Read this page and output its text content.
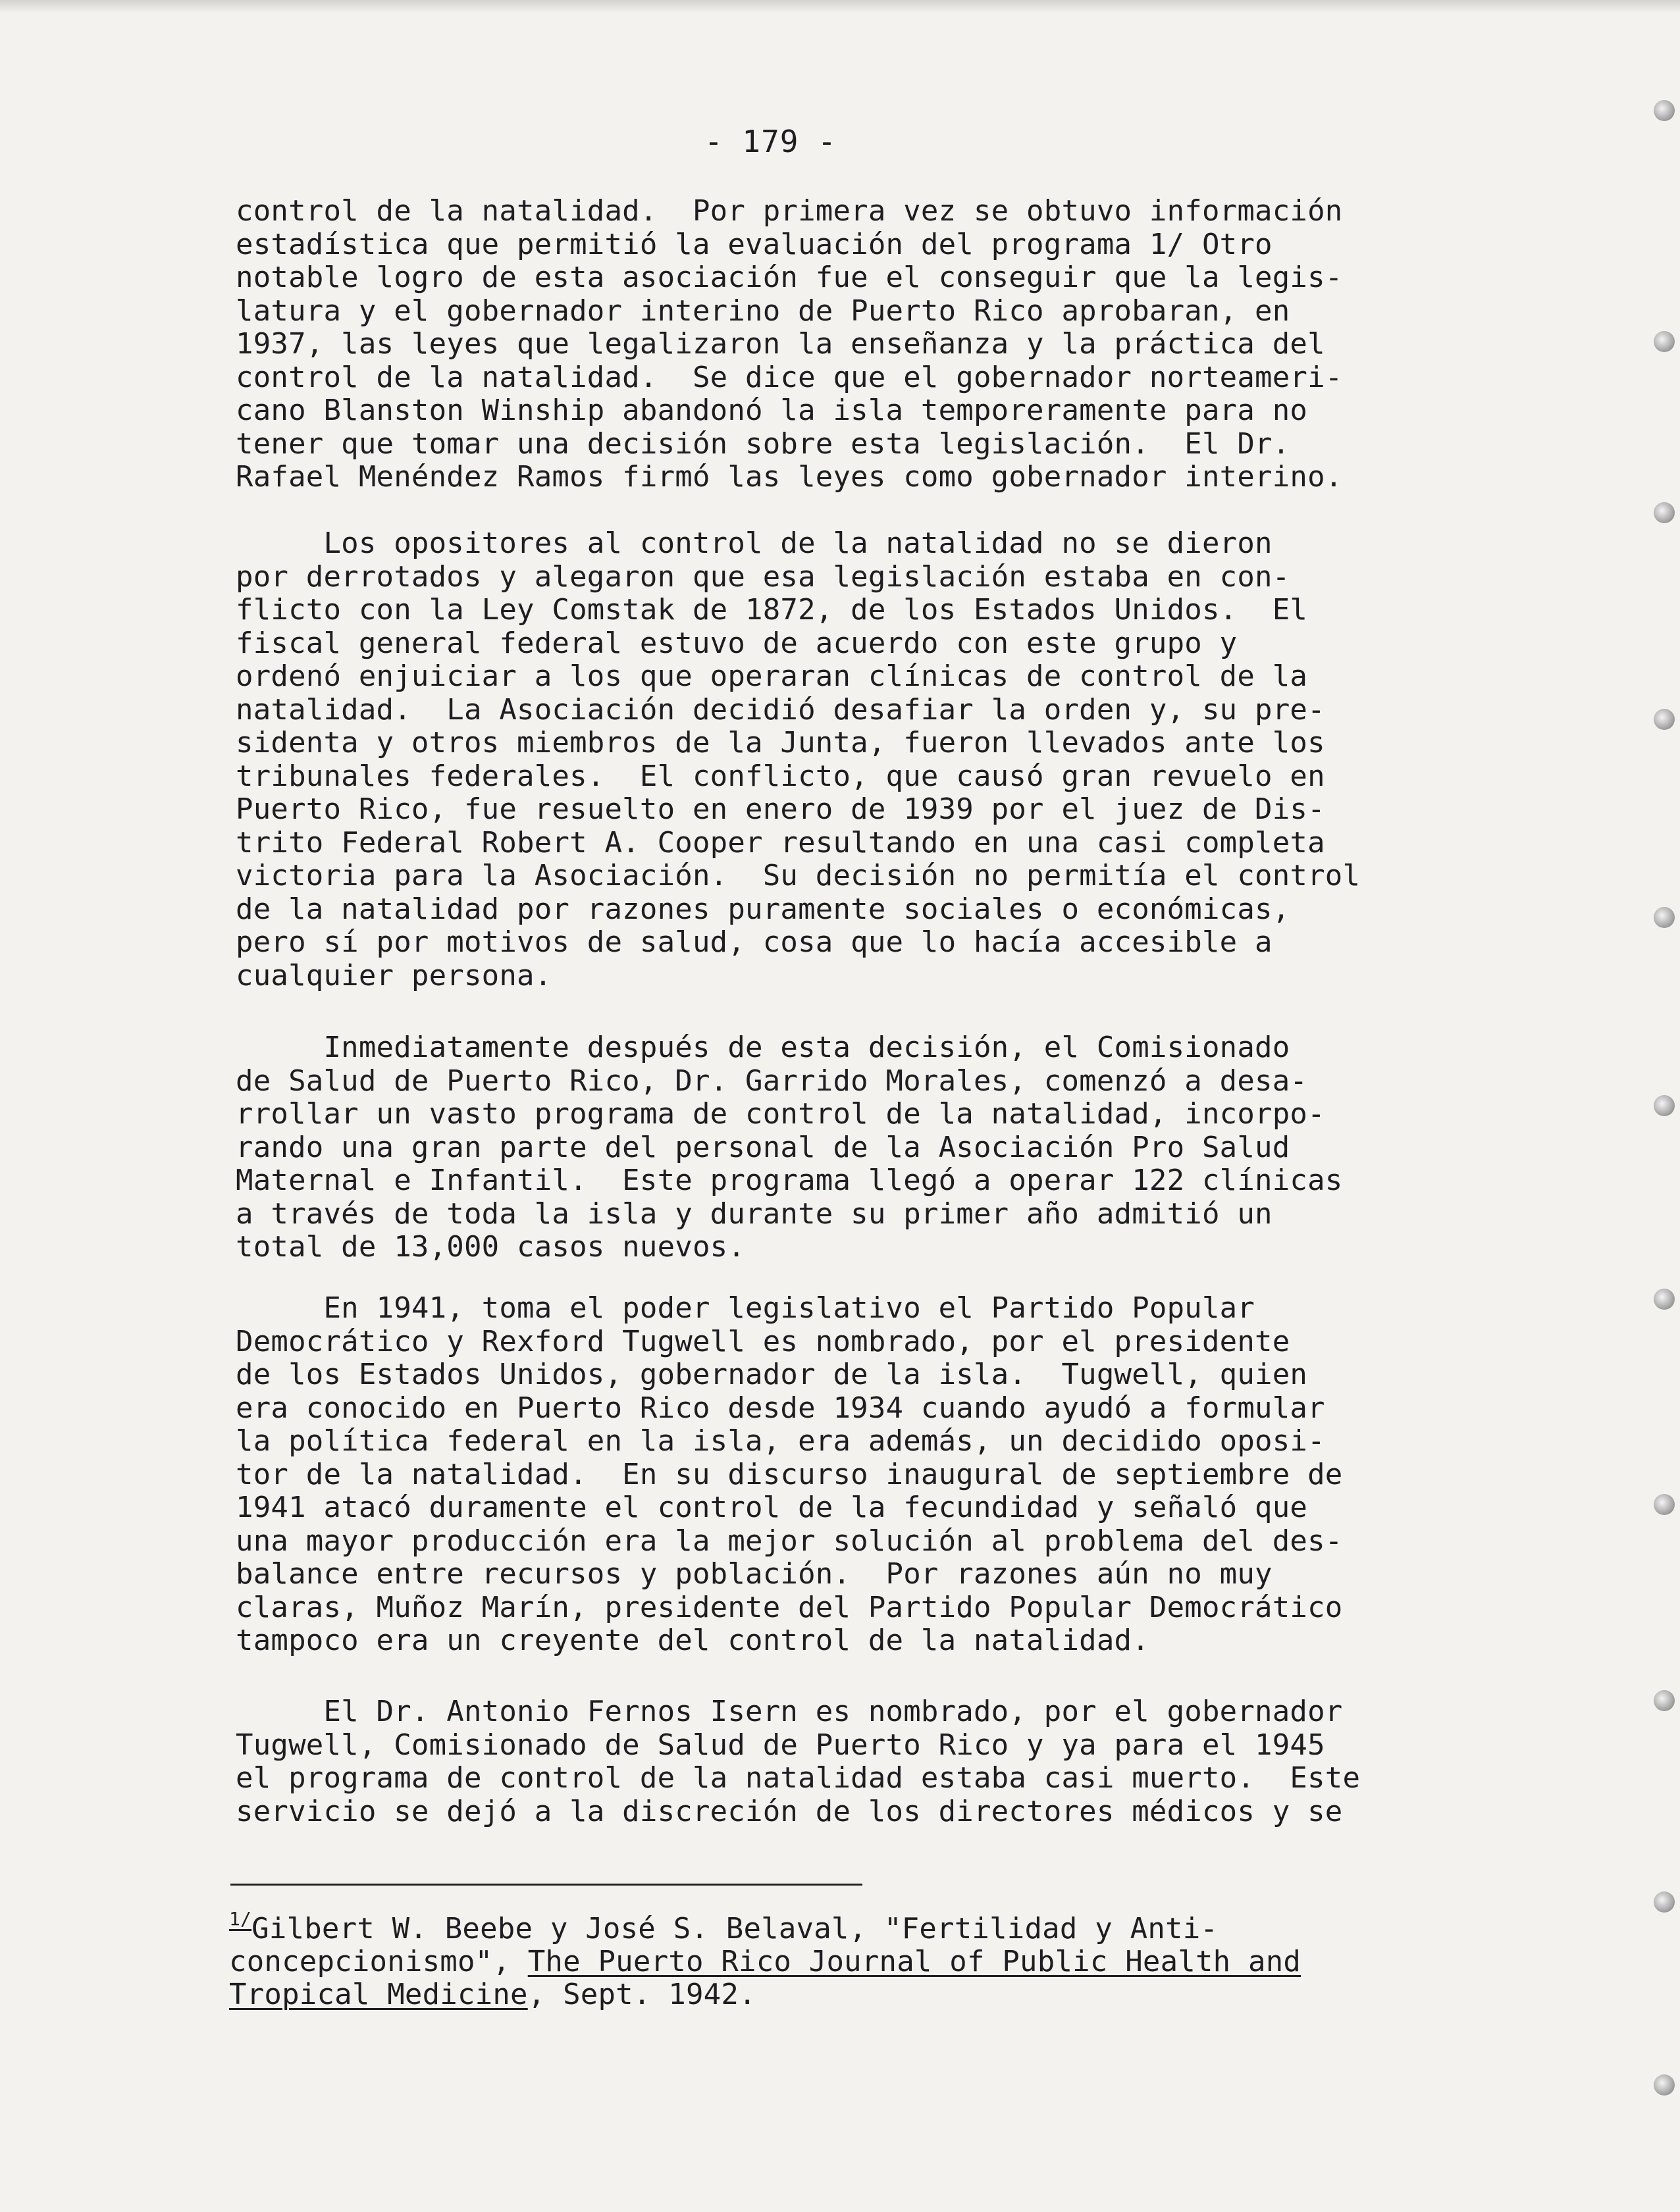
- 179 -
control de la natalidad.  Por primera vez se obtuvo información
estadística que permitió la evaluación del programa 1/ Otro
notable logro de esta asociación fue el conseguir que la legis-
latura y el gobernador interino de Puerto Rico aprobaran, en
1937, las leyes que legalizaron la enseñanza y la práctica del
control de la natalidad.  Se dice que el gobernador norteameri-
cano Blanston Winship abandonó la isla temporeramente para no
tener que tomar una decisión sobre esta legislación.  El Dr.
Rafael Menéndez Ramos firmó las leyes como gobernador interino.
Los opositores al control de la natalidad no se dieron
por derrotados y alegaron que esa legislación estaba en con-
flicto con la Ley Comstak de 1872, de los Estados Unidos.  El
fiscal general federal estuvo de acuerdo con este grupo y
ordenó enjuiciar a los que operaran clínicas de control de la
natalidad.  La Asociación decidió desafiar la orden y, su pre-
sidenta y otros miembros de la Junta, fueron llevados ante los
tribunales federales.  El conflicto, que causó gran revuelo en
Puerto Rico, fue resuelto en enero de 1939 por el juez de Dis-
trito Federal Robert A. Cooper resultando en una casi completa
victoria para la Asociación.  Su decisión no permitía el control
de la natalidad por razones puramente sociales o económicas,
pero sí por motivos de salud, cosa que lo hacía accesible a
cualquier persona.
Inmediatamente después de esta decisión, el Comisionado
de Salud de Puerto Rico, Dr. Garrido Morales, comenzó a desa-
rrollar un vasto programa de control de la natalidad, incorpo-
rando una gran parte del personal de la Asociación Pro Salud
Maternal e Infantil.  Este programa llegó a operar 122 clínicas
a través de toda la isla y durante su primer año admitió un
total de 13,000 casos nuevos.
En 1941, toma el poder legislativo el Partido Popular
Democrático y Rexford Tugwell es nombrado, por el presidente
de los Estados Unidos, gobernador de la isla.  Tugwell, quien
era conocido en Puerto Rico desde 1934 cuando ayudó a formular
la política federal en la isla, era además, un decidido oposi-
tor de la natalidad.  En su discurso inaugural de septiembre de
1941 atacó duramente el control de la fecundidad y señaló que
una mayor producción era la mejor solución al problema del des-
balance entre recursos y población.  Por razones aún no muy
claras, Muñoz Marín, presidente del Partido Popular Democrático
tampoco era un creyente del control de la natalidad.
El Dr. Antonio Fernos Isern es nombrado, por el gobernador
Tugwell, Comisionado de Salud de Puerto Rico y ya para el 1945
el programa de control de la natalidad estaba casi muerto.  Este
servicio se dejó a la discreción de los directores médicos y se
$^{1/}$Gilbert W. Beebe y José S. Belaval, "Fertilidad y Anti-
concepcionismo", The Puerto Rico Journal of Public Health and
Tropical Medicine, Sept. 1942.
